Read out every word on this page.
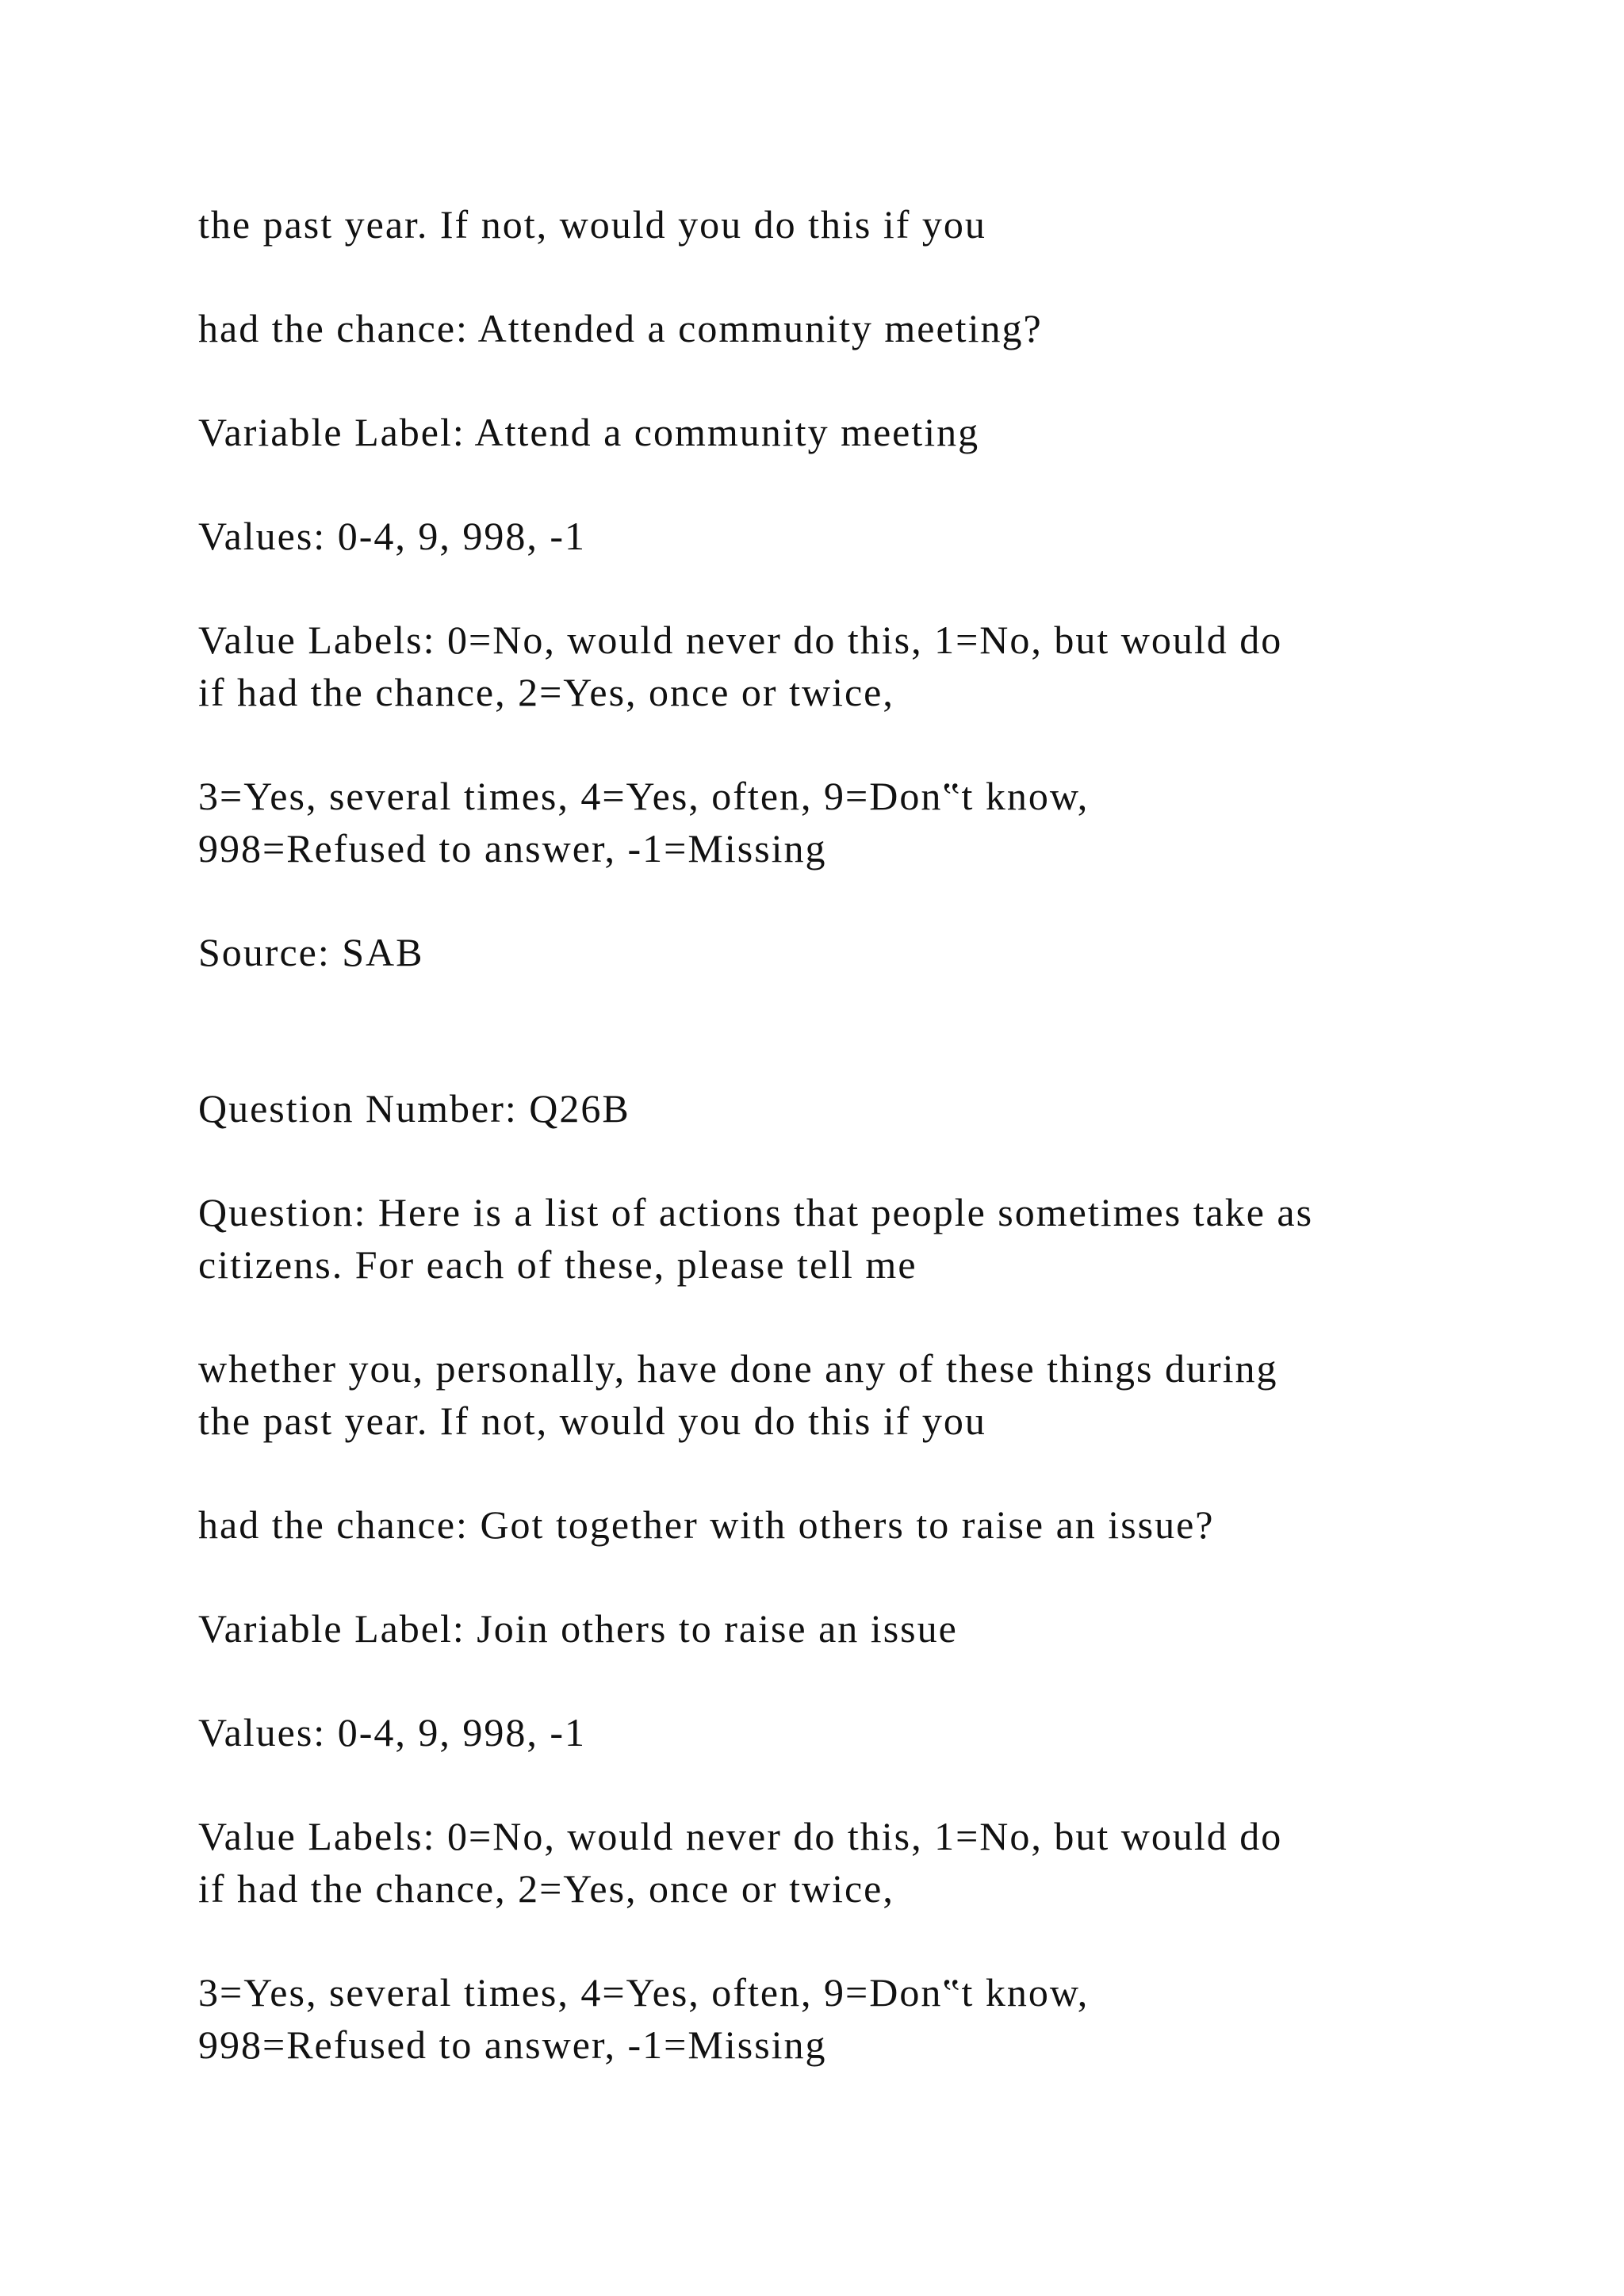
the past year. If not, would you do this if you

had the chance: Attended a community meeting?

Variable Label: Attend a community meeting

Values: 0-4, 9, 998, -1

Value Labels: 0=No, would never do this, 1=No, but would do

if had the chance, 2=Yes, once or twice,

3=Yes, several times, 4=Yes, often, 9=Don‟t know,

998=Refused to answer, -1=Missing

Source: SAB

Question Number: Q26B

Question: Here is a list of actions that people sometimes take as

citizens. For each of these, please tell me

whether you, personally, have done any of these things during

the past year. If not, would you do this if you

had the chance: Got together with others to raise an issue?

Variable Label: Join others to raise an issue

Values: 0-4, 9, 998, -1

Value Labels: 0=No, would never do this, 1=No, but would do

if had the chance, 2=Yes, once or twice,

3=Yes, several times, 4=Yes, often, 9=Don‟t know,

998=Refused to answer, -1=Missing
